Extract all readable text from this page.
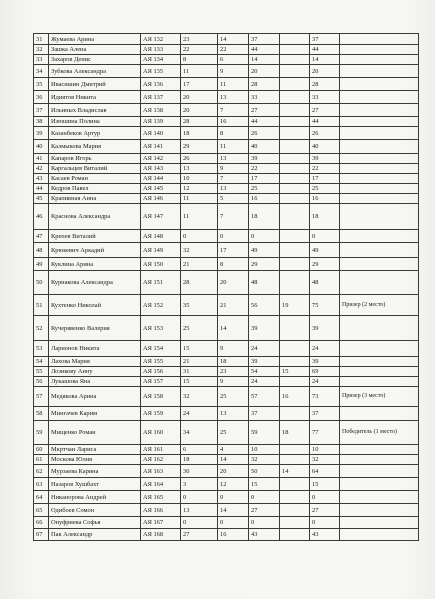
31	Жумаева Арина	АЯ 132	23	14	37		37	
32	Зашка Алена	АЯ 133	22	22	44		44	
33	Захаров Денис	АЯ 134	8	6	14		14	
34	Зубкова Александра	АЯ 135	11	9	20		20	
35	Ивасишин Дмитрий	АЯ 136	17	11	28		28	
36	Идиятов Никита	АЯ 137	20	13	33		33	
37	Ильиных Владислав	АЯ 138	20	7	27		27	
38	Изюшина Полина	АЯ 139	28	16	44		44	
39	Казанбеков Артур	АЯ 140	18	8	26		26	
40	Калмыкова Мария	АЯ 141	29	11	40		40	
41	Капаров Игорь	АЯ 142	26	13	39		39	
42	Каргальцев Виталий	АЯ 143	13	9	22		22	
43	Касаев Роман	АЯ 144	10	7	17		17	
44	Кедров Павел	АЯ 145	12	13	25		25	
45	Крапивная Анна	АЯ 146	11	5	16		16	
46	Краснова Александра	АЯ 147	11	7	18		18	
47	Крепев Виталий	АЯ 148	0	0	0		0	
48	Крюкевич Аркадий	АЯ 149	32	17	49		49	
49	Куклина Арина	АЯ 150	21	8	29		29	
50	Курнакова Александра	АЯ 151	28	20	48		48	
51	Кухтенко Николай	АЯ 152	35	21	56	19	75	Призер (2 место)
52	Кучерявенко Валерия	АЯ 153	25	14	39		39	
53	Ларионов Никита	АЯ 154	15	9	24		24	
54	Лахова Мария	АЯ 155	21	18	39		39	
55	Лозикову Анну	АЯ 156	31	23	54	15	69	
56	Лукашова Яна	АЯ 157	15	9	24		24	
57	Медякова Арина	АЯ 158	32	25	57	16	73	Призер (3 место)
58	Мингачев Карим	АЯ 159	24	13	37		37	
59	Мищенко Роман	АЯ 160	34	25	59	18	77	Победитель (1 место)
60	Мкртчан Лариса	АЯ 161	6	4	10		10	
61	Москова Юлия	АЯ 162	18	14	32		32	
62	Мурзаева Карина	АЯ 163	30	20	50	14	64	
63	Назаров Хушбахт	АЯ 164	3	12	15		15	
64	Никанорова Андрей	АЯ 165	0	0	0		0	
65	Одибоев Сомон	АЯ 166	13	14	27		27	
66	Онуфриева Софья	АЯ 167	0	0	0		0	
67	Пак Александр	АЯ 168	27	16	43		43	
